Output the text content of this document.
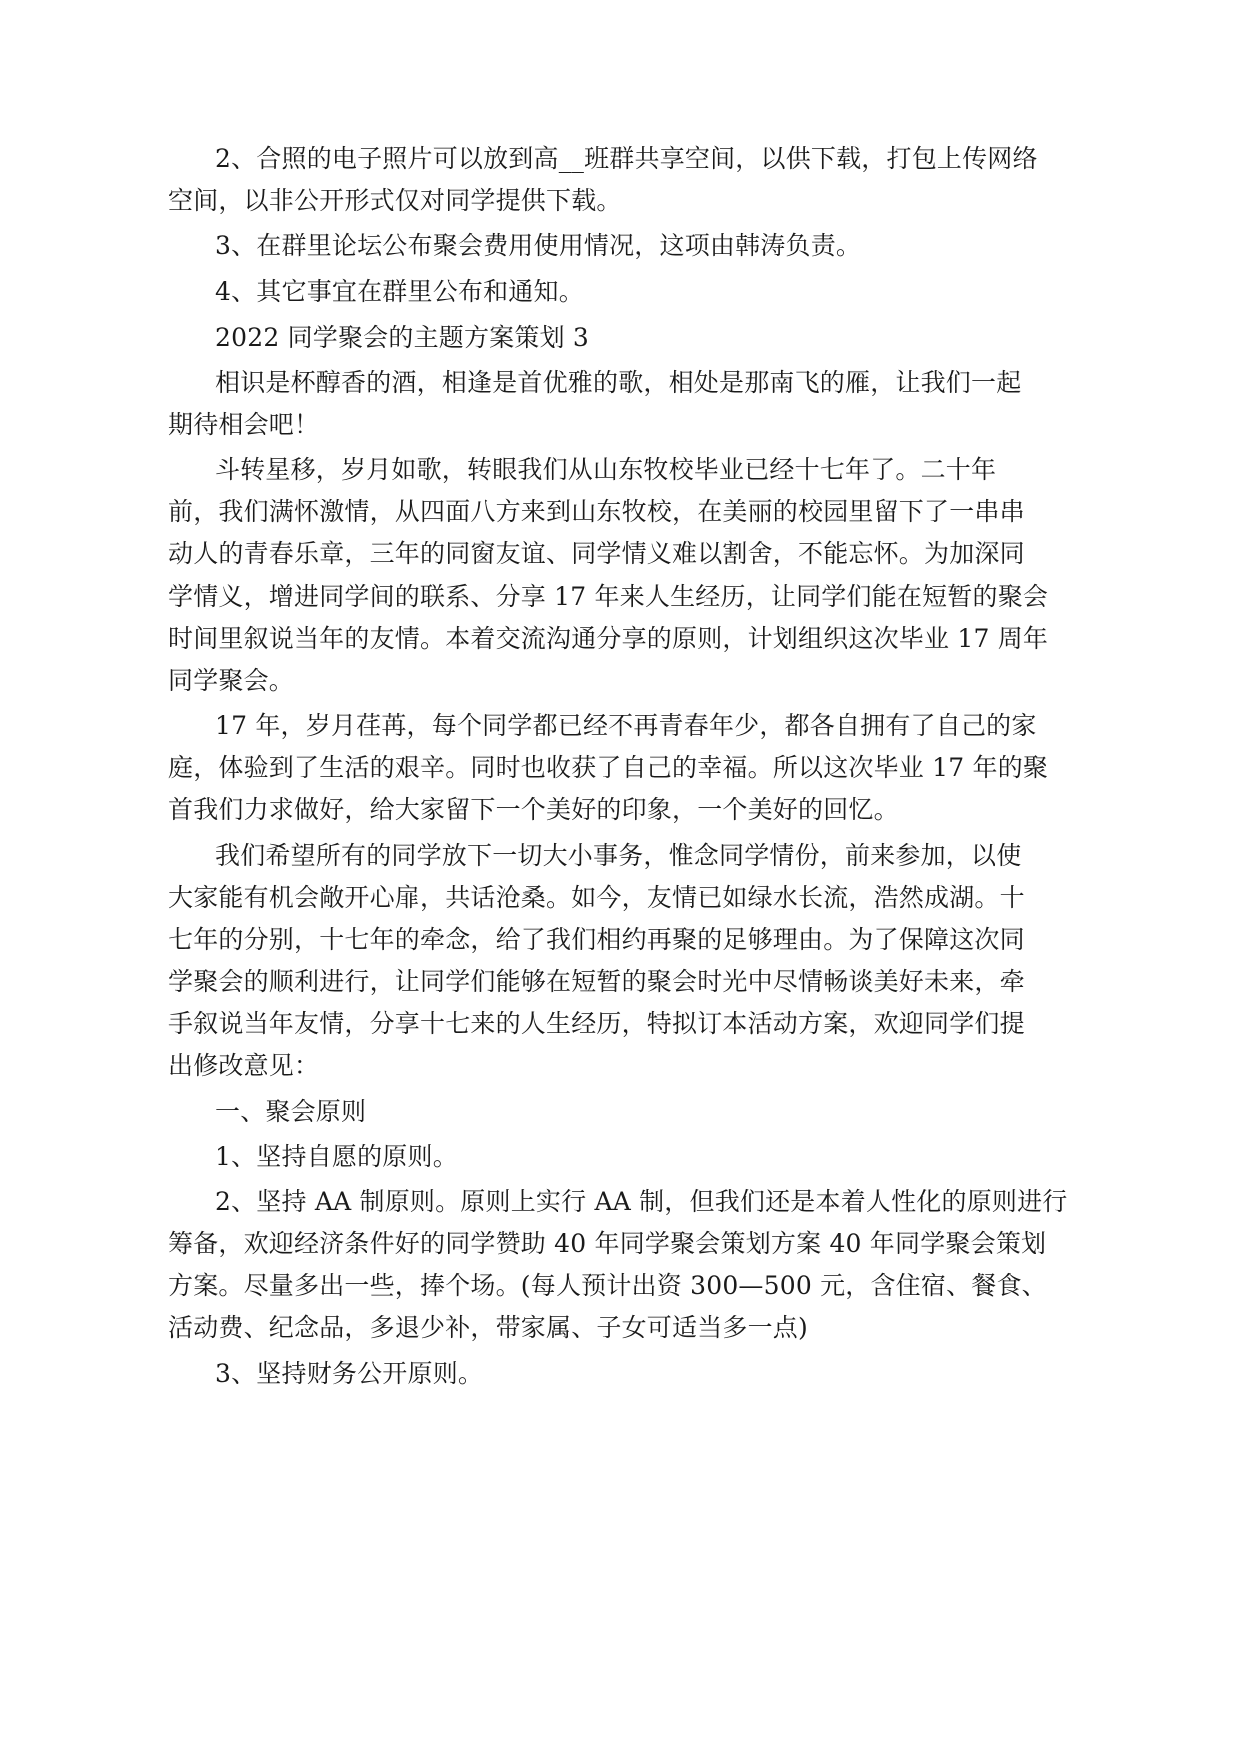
2、合照的电子照片可以放到高__班群共享空间，以供下载，打包上传网络
空间，以非公开形式仅对同学提供下载。
3、在群里论坛公布聚会费用使用情况，这项由韩涛负责。
4、其它事宜在群里公布和通知。
2022 同学聚会的主题方案策划 3
相识是杯醇香的酒，相逢是首优雅的歌，相处是那南飞的雁，让我们一起
期待相会吧！
斗转星移，岁月如歌，转眼我们从山东牧校毕业已经十七年了。二十年
前，我们满怀激情，从四面八方来到山东牧校，在美丽的校园里留下了一串串
动人的青春乐章，三年的同窗友谊、同学情义难以割舍，不能忘怀。为加深同
学情义，增进同学间的联系、分享 17 年来人生经历，让同学们能在短暂的聚会
时间里叙说当年的友情。本着交流沟通分享的原则，计划组织这次毕业 17 周年
同学聚会。
17 年，岁月荏苒，每个同学都已经不再青春年少，都各自拥有了自己的家
庭，体验到了生活的艰辛。同时也收获了自己的幸福。所以这次毕业 17 年的聚
首我们力求做好，给大家留下一个美好的印象，一个美好的回忆。
我们希望所有的同学放下一切大小事务，惟念同学情份，前来参加，以使
大家能有机会敞开心扉，共话沧桑。如今，友情已如绿水长流，浩然成湖。十
七年的分别，十七年的牵念，给了我们相约再聚的足够理由。为了保障这次同
学聚会的顺利进行，让同学们能够在短暂的聚会时光中尽情畅谈美好未来，牵
手叙说当年友情，分享十七来的人生经历，特拟订本活动方案，欢迎同学们提
出修改意见：
一、聚会原则
1、坚持自愿的原则。
2、坚持 AA 制原则。原则上实行 AA 制，但我们还是本着人性化的原则进行
筹备，欢迎经济条件好的同学赞助 40 年同学聚会策划方案 40 年同学聚会策划
方案。尽量多出一些，捧个场。(每人预计出资 300—500 元，含住宿、餐食、
活动费、纪念品，多退少补，带家属、子女可适当多一点)
3、坚持财务公开原则。
